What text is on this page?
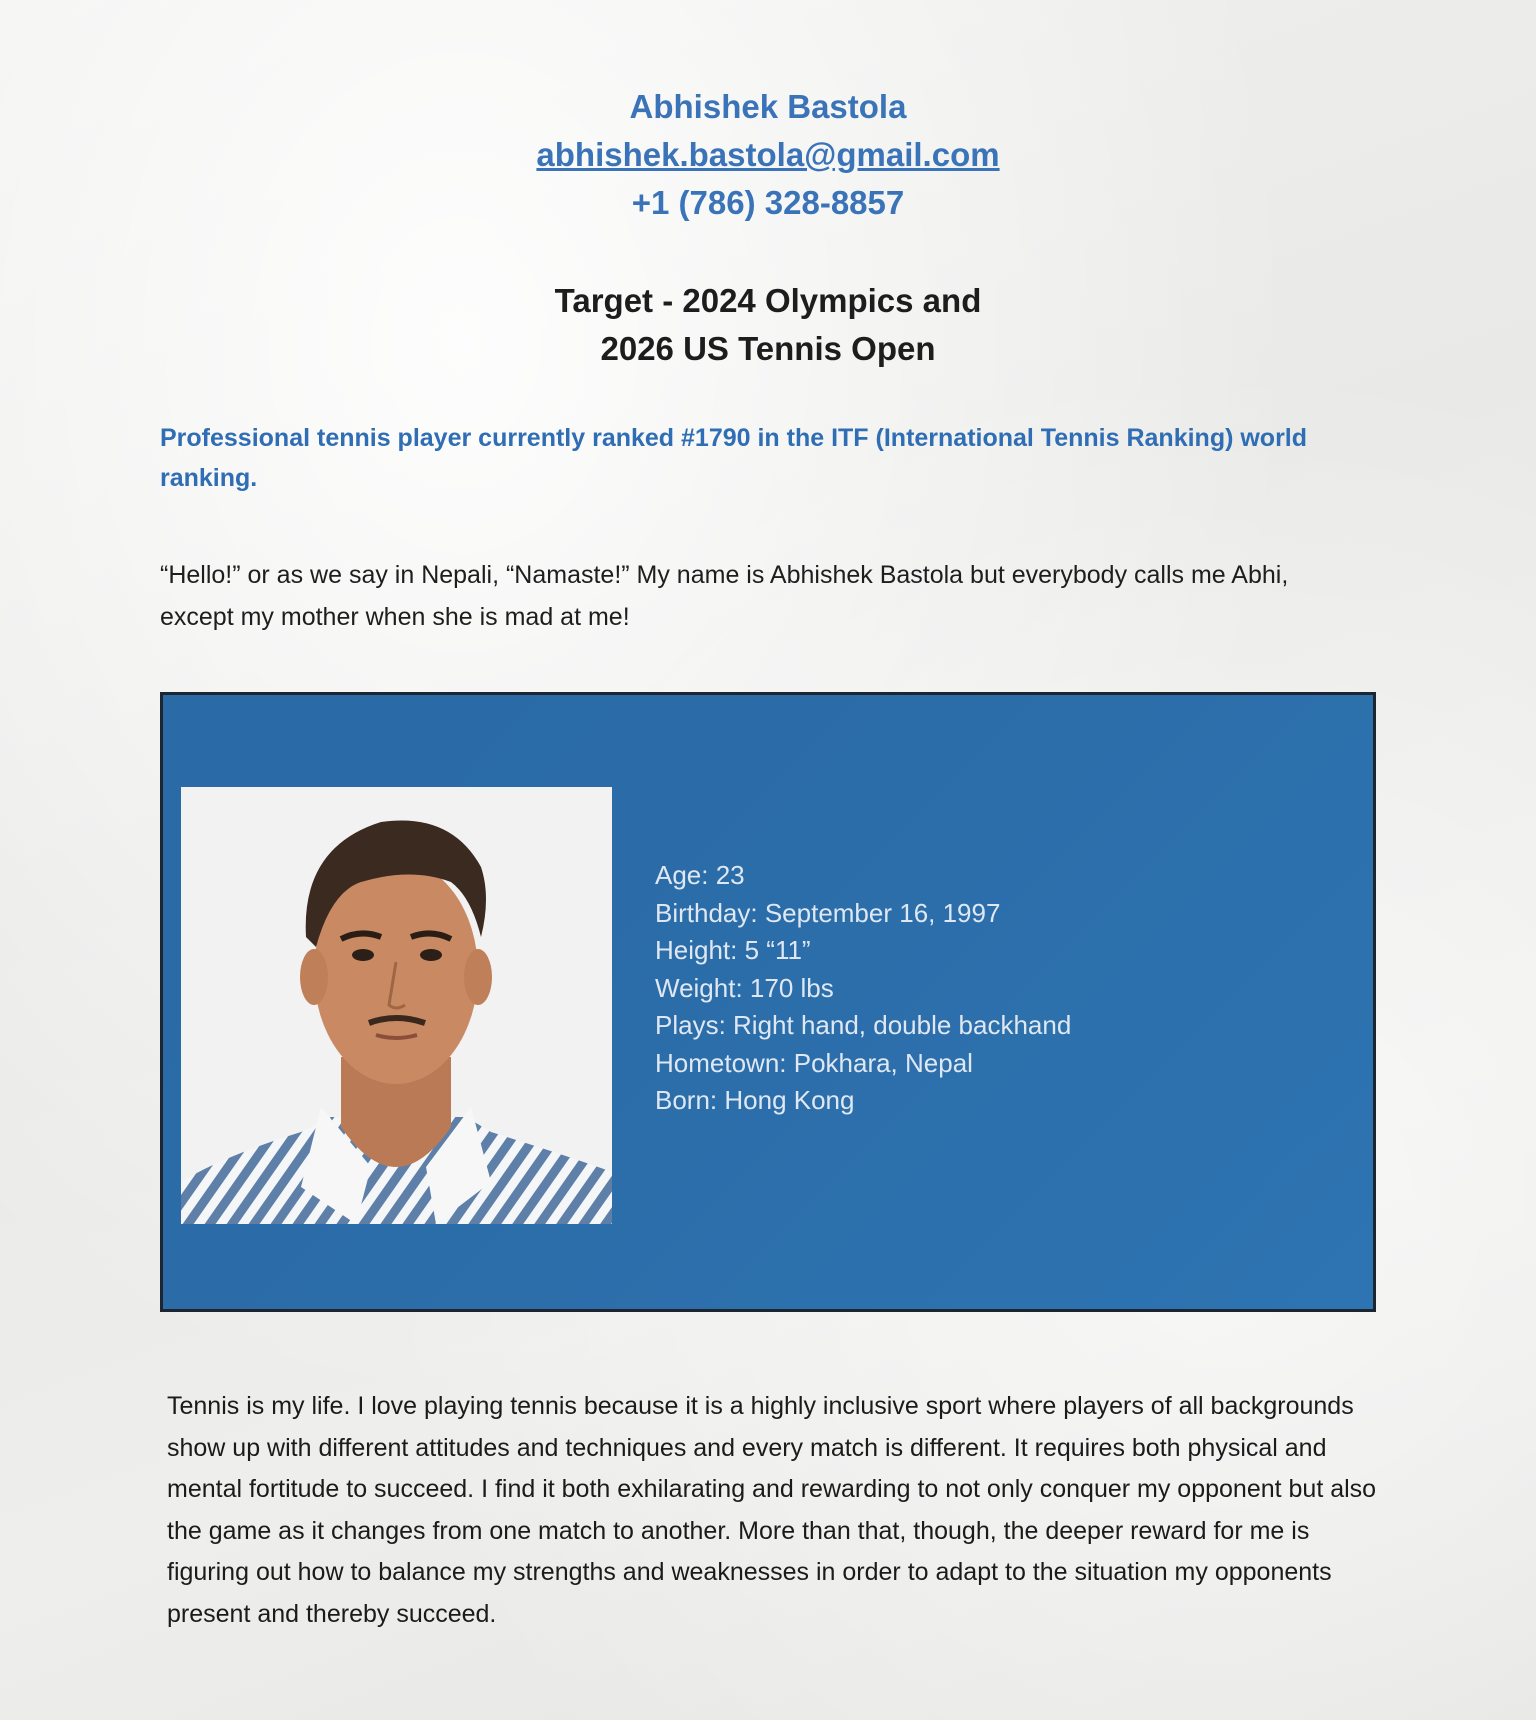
Abhishek Bastola
abhishek.bastola@gmail.com
+1 (786) 328-8857
Target - 2024 Olympics and
2026 US Tennis Open
Professional tennis player currently ranked #1790 in the ITF (International Tennis Ranking) world ranking.
“Hello!” or as we say in Nepali, “Namaste!” My name is Abhishek Bastola but everybody calls me Abhi, except my mother when she is mad at me!
Age: 23
Birthday: September 16, 1997
Height: 5 “11”
Weight: 170 lbs
Plays: Right hand, double backhand
Hometown: Pokhara, Nepal
Born: Hong Kong
Tennis is my life. I love playing tennis because it is a highly inclusive sport where players of all backgrounds show up with different attitudes and techniques and every match is different. It requires both physical and mental fortitude to succeed. I find it both exhilarating and rewarding to not only conquer my opponent but also the game as it changes from one match to another. More than that, though, the deeper reward for me is figuring out how to balance my strengths and weaknesses in order to adapt to the situation my opponents present and thereby succeed.
